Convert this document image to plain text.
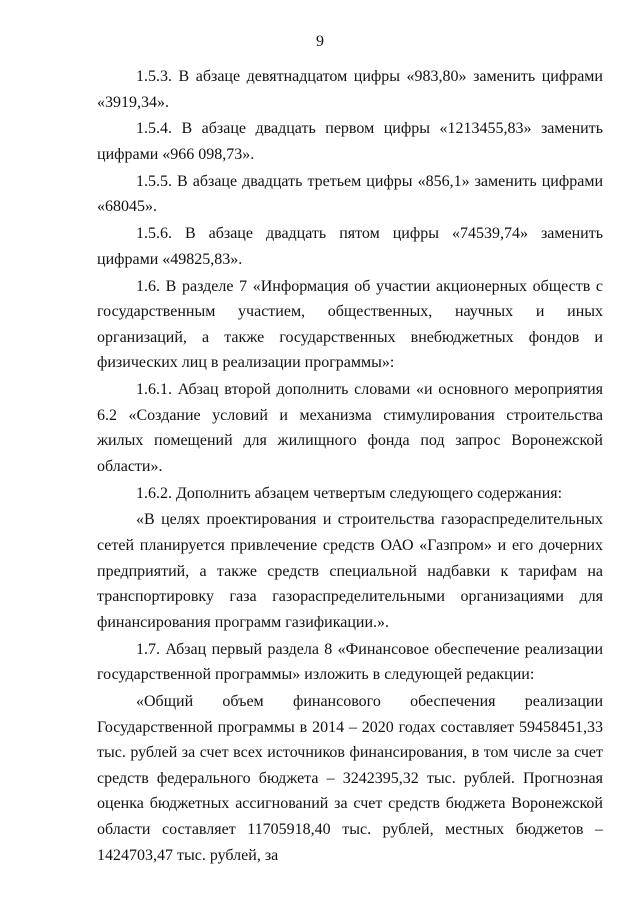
9

1.5.3. В абзаце девятнадцатом цифры «983,80» заменить цифрами «3919,34».

1.5.4. В абзаце двадцать первом цифры «1213455,83» заменить цифрами «966 098,73».

1.5.5. В абзаце двадцать третьем цифры «856,1» заменить цифрами «68045».

1.5.6. В абзаце двадцать пятом цифры «74539,74» заменить цифрами «49825,83».

1.6. В разделе 7 «Информация об участии акционерных обществ с государственным участием, общественных, научных и иных организаций, а также государственных внебюджетных фондов и физических лиц в реализации программы»:

1.6.1. Абзац второй дополнить словами «и основного мероприятия 6.2 «Создание условий и механизма стимулирования строительства жилых помещений для жилищного фонда под запрос Воронежской области».

1.6.2. Дополнить абзацем четвертым следующего содержания:

«В целях проектирования и строительства газораспределительных сетей планируется привлечение средств ОАО «Газпром» и его дочерних предприятий, а также средств специальной надбавки к тарифам на транспортировку газа газораспределительными организациями для финансирования программ газификации.».

1.7. Абзац первый раздела 8 «Финансовое обеспечение реализации государственной программы» изложить в следующей редакции:

«Общий объем финансового обеспечения реализации Государственной программы в 2014 – 2020 годах составляет 59458451,33 тыс. рублей за счет всех источников финансирования, в том числе за счет средств федерального бюджета – 3242395,32 тыс. рублей. Прогнозная оценка бюджетных ассигнований за счет средств бюджета Воронежской области составляет 11705918,40 тыс. рублей, местных бюджетов – 1424703,47 тыс. рублей, за
